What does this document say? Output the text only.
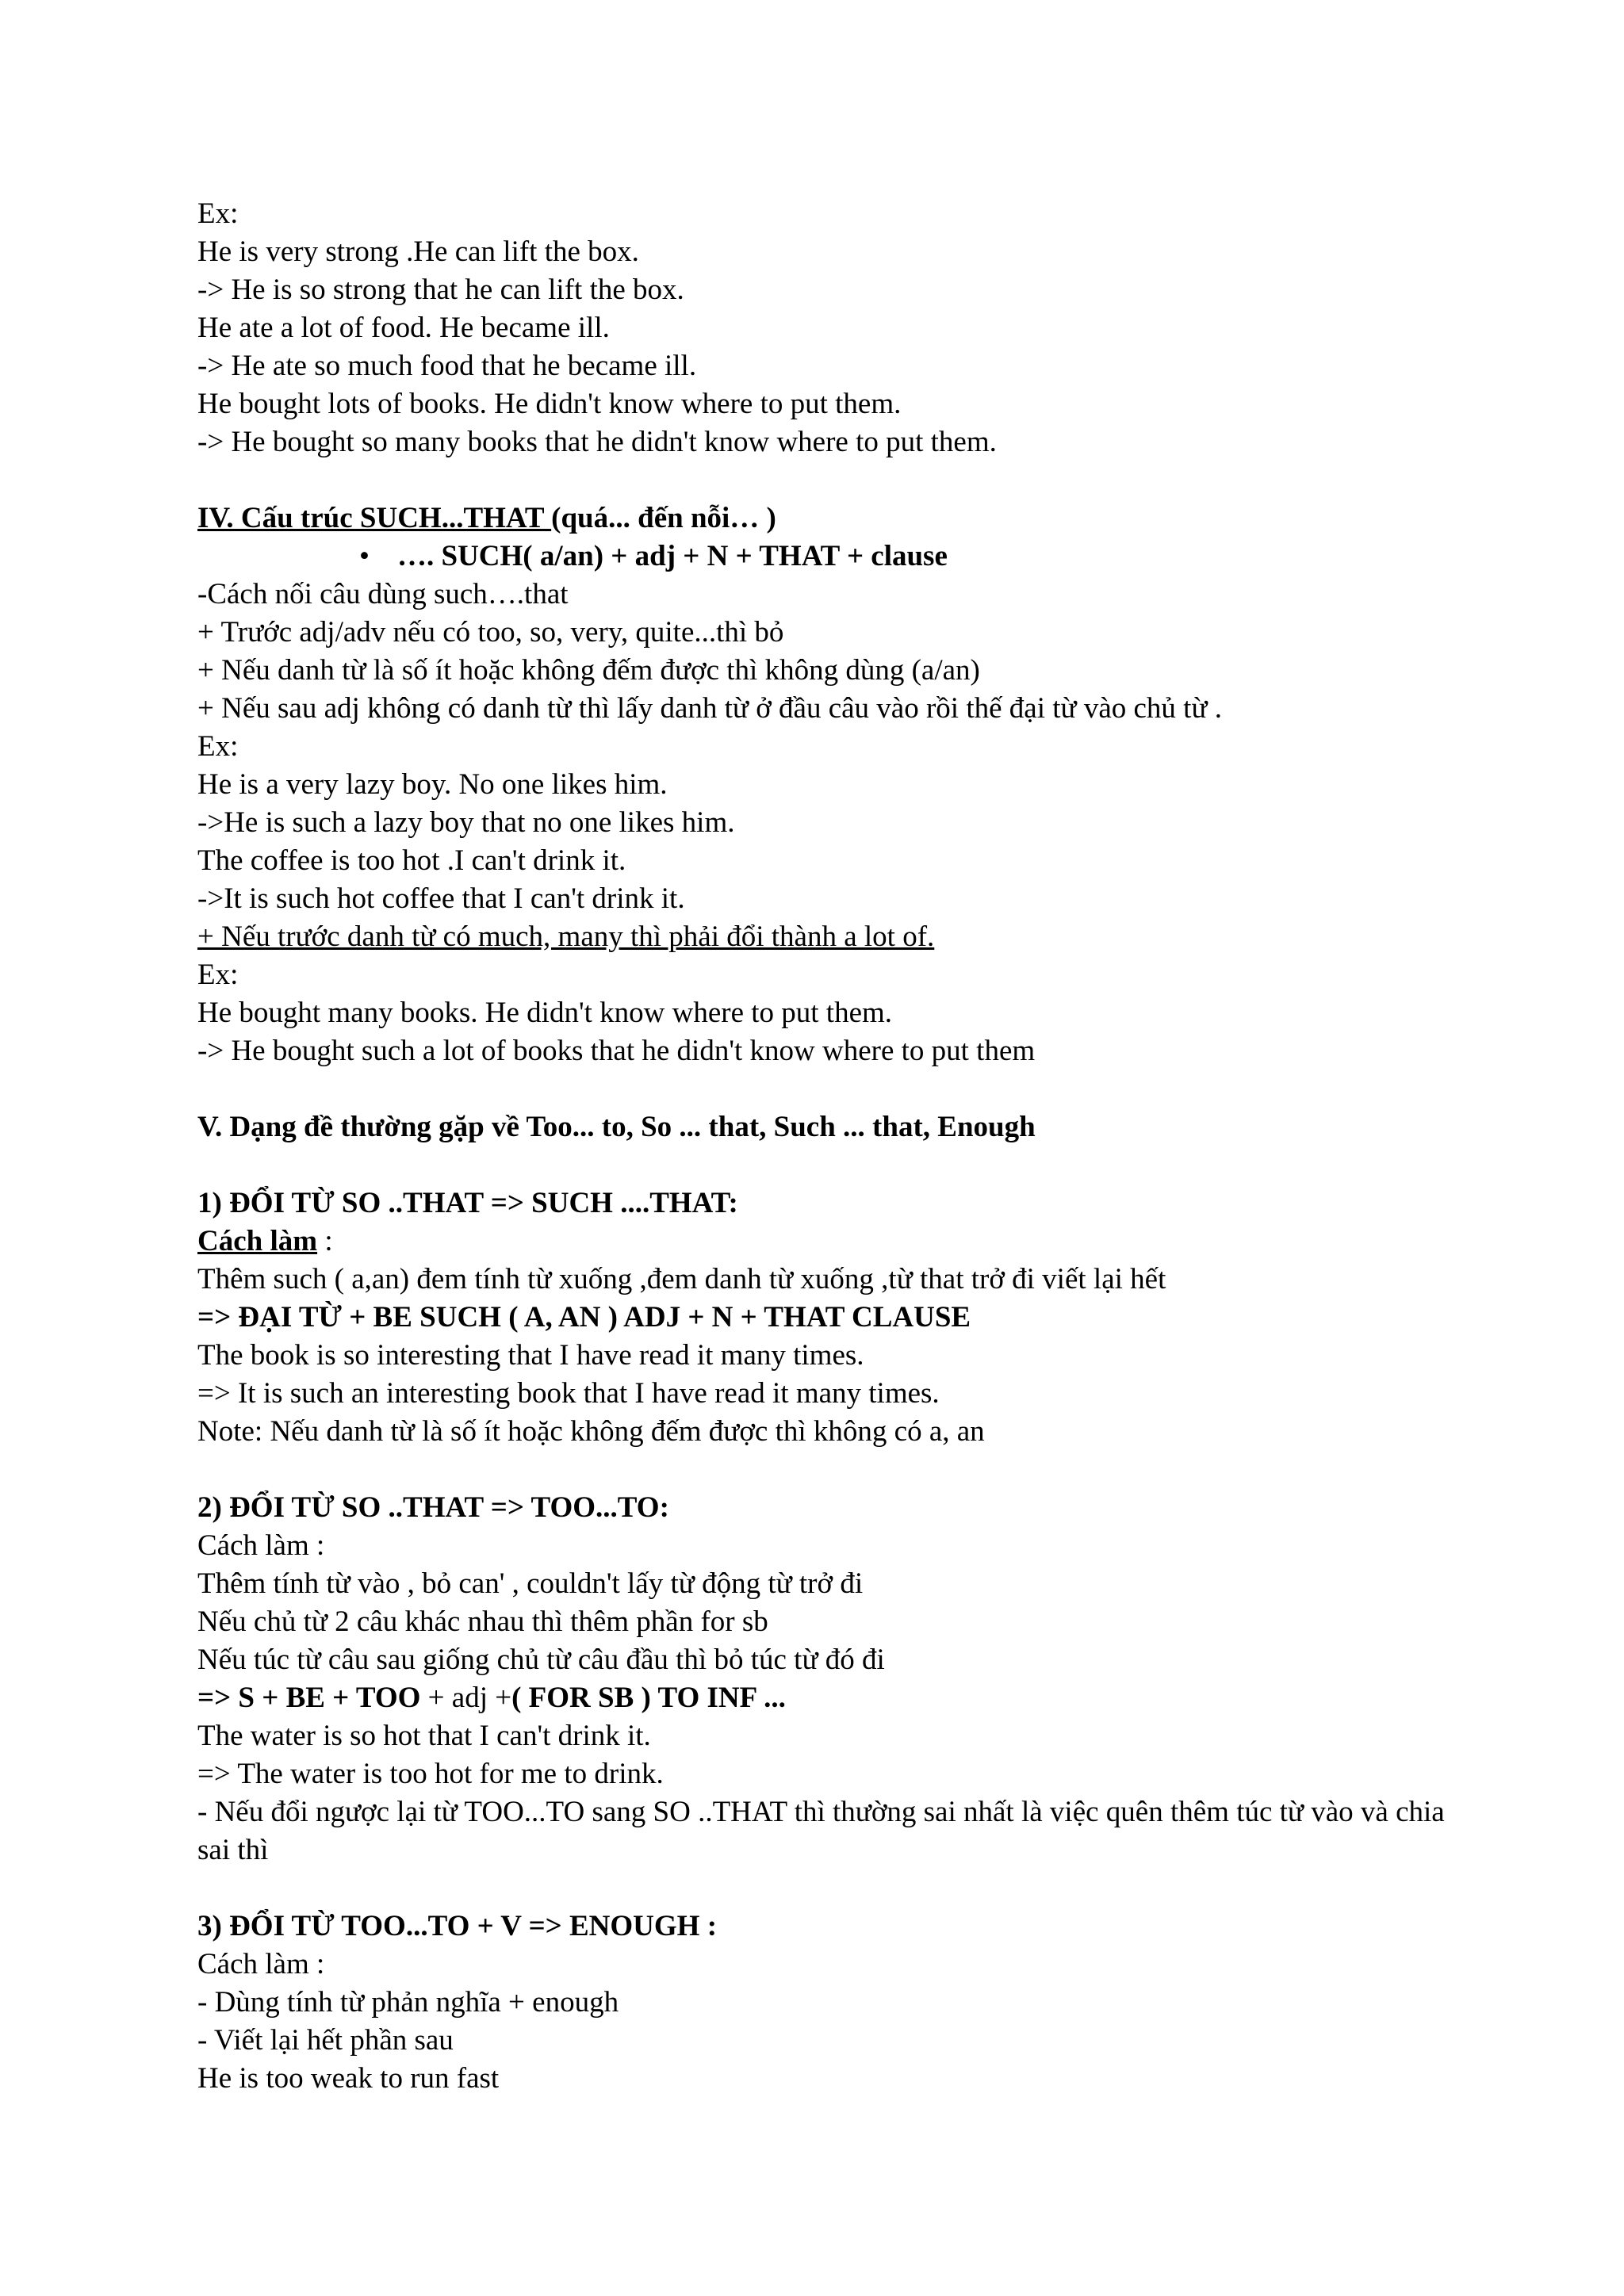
Ex:
He is very strong .He can lift the box.
-> He is so strong that he can lift the box.
He ate a lot of food. He became ill.
-> He ate so much food that he became ill.
He bought lots of books. He didn't know where to put them.
-> He bought so many books that he didn't know where to put them.
IV. Cấu trúc SUCH...THAT (quá... đến nỗi… )
• …. SUCH( a/an) + adj + N + THAT + clause
-Cách nối câu dùng such….that
+ Trước adj/adv nếu có too, so, very, quite...thì bỏ
+ Nếu danh từ là số ít hoặc không đếm được thì không dùng (a/an)
+ Nếu sau adj không có danh từ thì lấy danh từ ở đầu câu vào rồi thế đại từ vào chủ từ .
Ex:
He is a very lazy boy. No one likes him.
->He is such a lazy boy that no one likes him.
The coffee is too hot .I can't drink it.
->It is such hot coffee that I can't drink it.
+ Nếu trước danh từ có much, many thì phải đổi thành a lot of.
Ex:
He bought many books. He didn't know where to put them.
-> He bought such a lot of books that he didn't know where to put them
V. Dạng đề thường gặp về Too... to, So ... that, Such ... that, Enough
1) ĐỔI TỪ SO ..THAT => SUCH ....THAT:
Cách làm :
Thêm such ( a,an) đem tính từ xuống ,đem danh từ xuống ,từ that trở đi viết lại hết
=> ĐẠI TỪ + BE SUCH ( A, AN ) ADJ + N + THAT CLAUSE
The book is so interesting that I have read it many times.
=> It is such an interesting book that I have read it many times.
Note: Nếu danh từ là số ít hoặc không đếm được thì không có a, an
2) ĐỔI TỪ SO ..THAT => TOO...TO:
Cách làm :
Thêm tính từ vào , bỏ can' , couldn't lấy từ động từ trở đi
Nếu chủ từ 2 câu khác nhau thì thêm phần for sb
Nếu túc từ câu sau giống chủ từ câu đầu thì bỏ túc từ đó đi
=> S + BE + TOO + adj +( FOR SB ) TO INF ...
The water is so hot that I can't drink it.
=> The water is too hot for me to drink.
- Nếu đổi ngược lại từ TOO...TO sang SO ..THAT thì thường sai nhất là việc quên thêm túc từ vào và chia sai thì
3) ĐỔI TỪ TOO...TO + V => ENOUGH :
Cách làm :
- Dùng tính từ phản nghĩa + enough
- Viết lại hết phần sau
He is too weak to run fast
